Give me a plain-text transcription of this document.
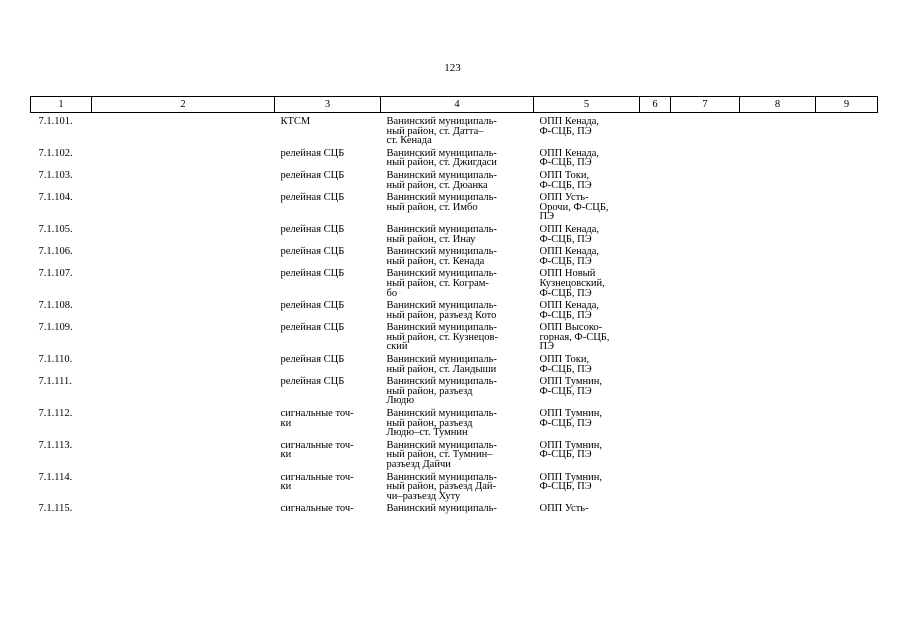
123
1	2	3	4	5	6	7	8	9
7.1.101.		КТСМ	Ванинский муниципаль-
ный район, ст. Датта–
ст. Кенада	ОПП Кенада,
Ф-СЦБ, ПЭ				
7.1.102.		релейная СЦБ	Ванинский муниципаль-
ный район, ст. Джигдаси	ОПП Кенада,
Ф-СЦБ, ПЭ				
7.1.103.		релейная СЦБ	Ванинский муниципаль-
ный район, ст. Дюанка	ОПП Токи,
Ф-СЦБ, ПЭ				
7.1.104.		релейная СЦБ	Ванинский муниципаль-
ный район, ст. Имбо	ОПП Усть-
Орочи, Ф-СЦБ,
ПЭ				
7.1.105.		релейная СЦБ	Ванинский муниципаль-
ный район, ст. Инау	ОПП Кенада,
Ф-СЦБ, ПЭ				
7.1.106.		релейная СЦБ	Ванинский муниципаль-
ный район, ст. Кенада	ОПП Кенада,
Ф-СЦБ, ПЭ				
7.1.107.		релейная СЦБ	Ванинский муниципаль-
ный район, ст. Кограм-
бо	ОПП Новый
Кузнецовский,
Ф-СЦБ, ПЭ				
7.1.108.		релейная СЦБ	Ванинский муниципаль-
ный район, разъезд Кото	ОПП Кенада,
Ф-СЦБ, ПЭ				
7.1.109.		релейная СЦБ	Ванинский муниципаль-
ный район, ст. Кузнецов-
ский	ОПП Высоко-
горная, Ф-СЦБ,
ПЭ				
7.1.110.		релейная СЦБ	Ванинский муниципаль-
ный район, ст. Ландыши	ОПП Токи,
Ф-СЦБ, ПЭ				
7.1.111.		релейная СЦБ	Ванинский муниципаль-
ный район, разъезд
Людю	ОПП Тумнин,
Ф-СЦБ, ПЭ				
7.1.112.		сигнальные точ-
ки	Ванинский муниципаль-
ный район, разъезд
Людю–ст. Тумнин	ОПП Тумнин,
Ф-СЦБ, ПЭ				
7.1.113.		сигнальные точ-
ки	Ванинский муниципаль-
ный район, ст. Тумнин–
разъезд Дайчи	ОПП Тумнин,
Ф-СЦБ, ПЭ				
7.1.114.		сигнальные точ-
ки	Ванинский муниципаль-
ный район, разъезд Дай-
чи–разъезд Хуту	ОПП Тумнин,
Ф-СЦБ, ПЭ				
7.1.115.		сигнальные точ-	Ванинский муниципаль-	ОПП Усть-				
